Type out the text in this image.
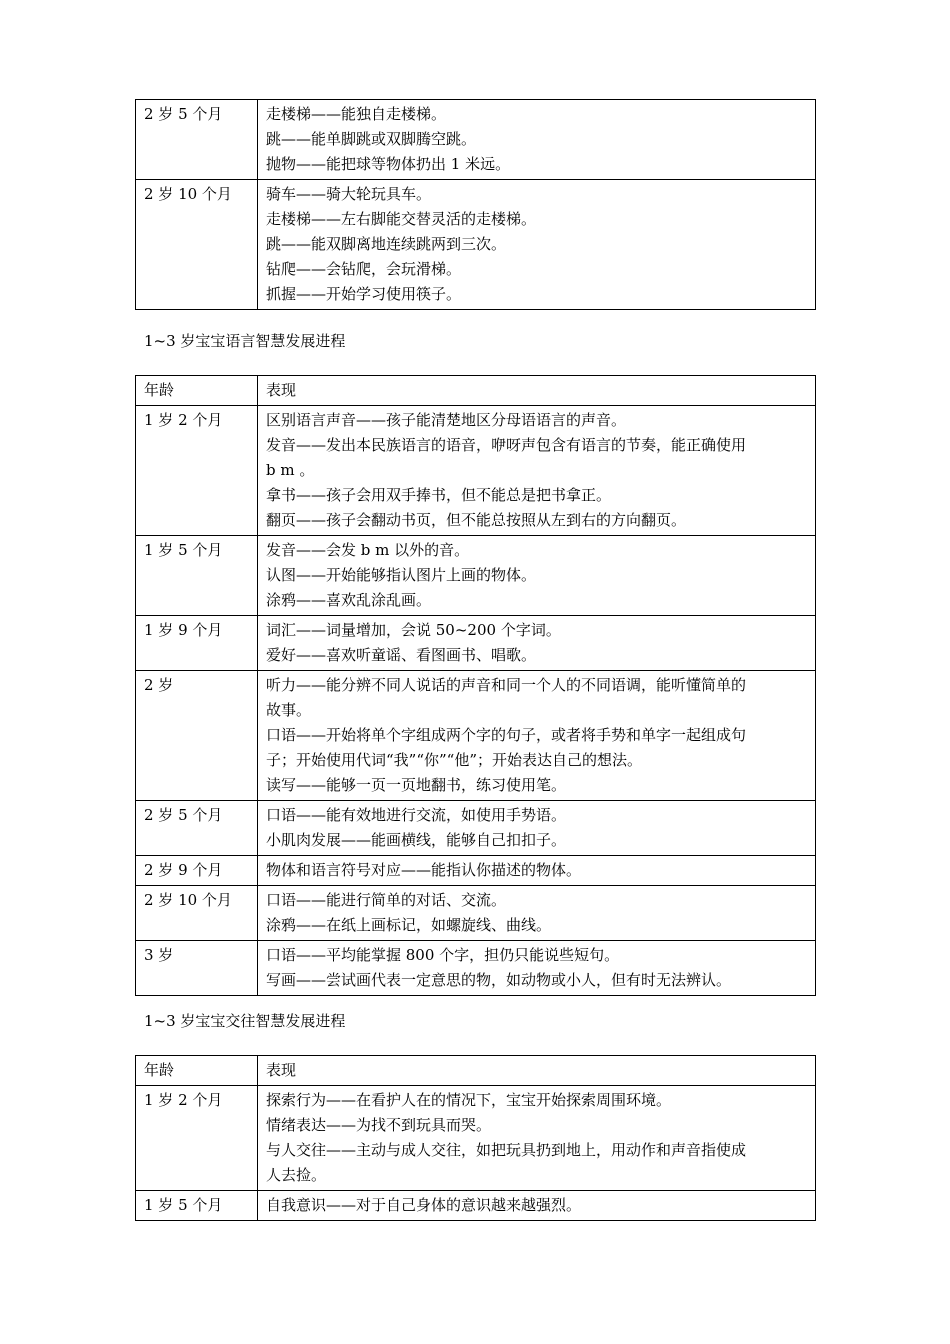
2 岁 5 个月	走楼梯——能独自走楼梯。
跳——能单脚跳或双脚腾空跳。
抛物——能把球等物体扔出 1 米远。

2 岁 10 个月	骑车——骑大轮玩具车。
走楼梯——左右脚能交替灵活的走楼梯。
跳——能双脚离地连续跳两到三次。
钻爬——会钻爬，会玩滑梯。
抓握——开始学习使用筷子。
1~3 岁宝宝语言智慧发展进程
年龄	表现
1 岁 2 个月	区别语言声音——孩子能清楚地区分母语语言的声音。
发音——发出本民族语言的语音，咿呀声包含有语言的节奏，能正确使用
b m 。
拿书——孩子会用双手捧书，但不能总是把书拿正。
翻页——孩子会翻动书页，但不能总按照从左到右的方向翻页。

1 岁 5 个月	发音——会发 b m 以外的音。
认图——开始能够指认图片上画的物体。
涂鸦——喜欢乱涂乱画。

1 岁 9 个月	词汇——词量增加，会说 50~200 个字词。
爱好——喜欢听童谣、看图画书、唱歌。

2 岁	听力——能分辨不同人说话的声音和同一个人的不同语调，能听懂简单的
故事。
口语——开始将单个字组成两个字的句子，或者将手势和单字一起组成句
子；开始使用代词“我”“你”“他”；开始表达自己的想法。
读写——能够一页一页地翻书，练习使用笔。

2 岁 5 个月	口语——能有效地进行交流，如使用手势语。
小肌肉发展——能画横线，能够自己扣扣子。

2 岁 9 个月	物体和语言符号对应——能指认你描述的物体。

2 岁 10 个月	口语——能进行简单的对话、交流。
涂鸦——在纸上画标记，如螺旋线、曲线。

3 岁	口语——平均能掌握 800 个字，担仍只能说些短句。
写画——尝试画代表一定意思的物，如动物或小人，但有时无法辨认。
1~3 岁宝宝交往智慧发展进程
年龄	表现
1 岁 2 个月	探索行为——在看护人在的情况下，宝宝开始探索周围环境。
情绪表达——为找不到玩具而哭。
与人交往——主动与成人交往，如把玩具扔到地上，用动作和声音指使成
人去捡。

1 岁 5 个月	自我意识——对于自己身体的意识越来越强烈。
